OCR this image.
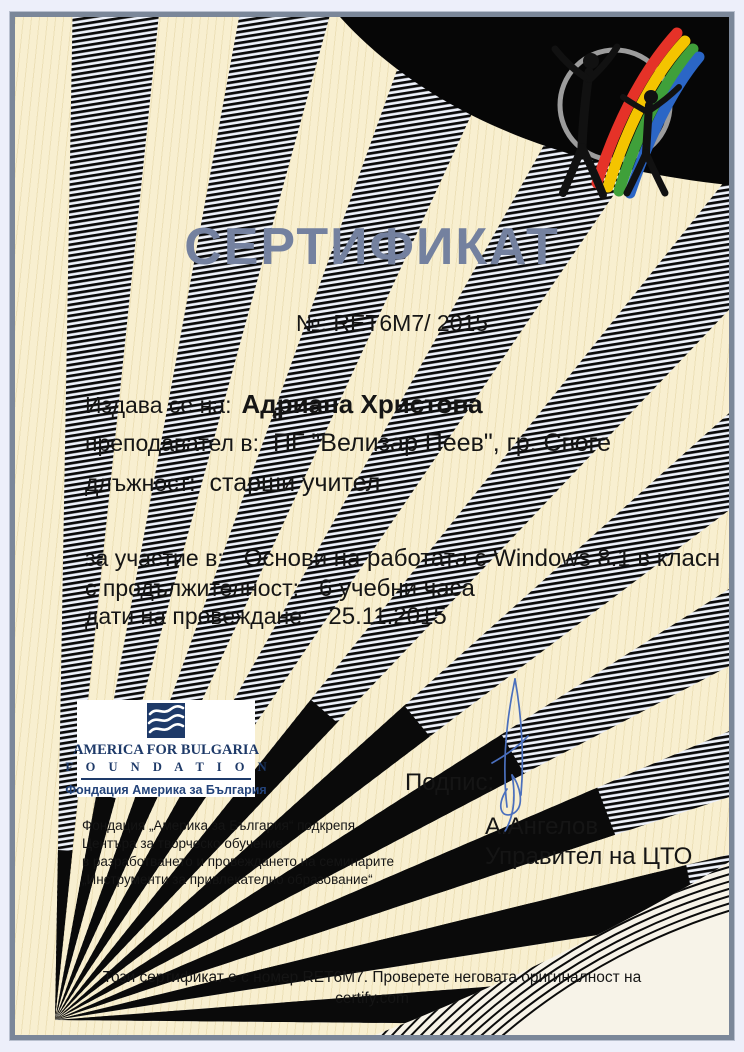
СЕРТИФИКАТ
№: RET6M7/ 2015
Издава се на: Адриана Христова
преподавател в: ПГ "Велизар Пеев", гр. Своге
длъжност: старши учител
за участие в: Основи на работата с Windows 8.1 в класн
с продължителност: 6 учебни часа
дати на провеждане: 25.11.2015
AMERICA FOR BULGARIA
F O U N D A T I O N
Фондация Америка за България	Подпис:
А.Ангелов
Управител на ЦТО
Фондация „Америка за България“ подкрепя
Центъра за творческо обучение
в разработването и провеждането на семинарите
„Инструменти за привлекателно образование“
Този сертификат е с номер RET6M7. Проверете неговата оригиналност на
certify.com
